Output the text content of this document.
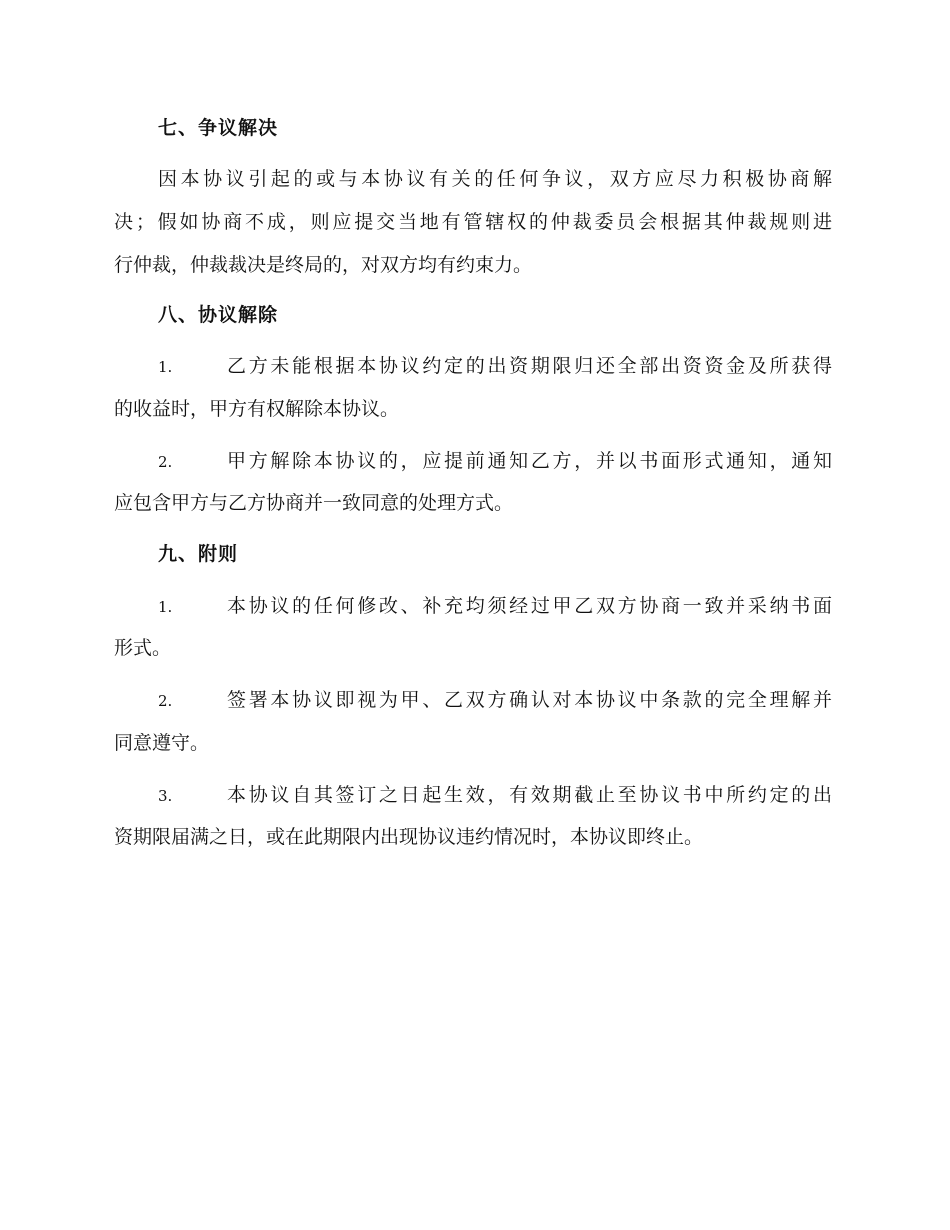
七、争议解决
因本协议引起的或与本协议有关的任何争议，双方应尽力积极协商解
决；假如协商不成，则应提交当地有管辖权的仲裁委员会根据其仲裁规则进
行仲裁，仲裁裁决是终局的，对双方均有约束力。
八、协议解除
1.	乙方未能根据本协议约定的出资期限归还全部出资资金及所获得
的收益时，甲方有权解除本协议。
2.	甲方解除本协议的，应提前通知乙方，并以书面形式通知，通知
应包含甲方与乙方协商并一致同意的处理方式。
九、附则
1.	本协议的任何修改、补充均须经过甲乙双方协商一致并采纳书面
形式。
2.	签署本协议即视为甲、乙双方确认对本协议中条款的完全理解并
同意遵守。
3.	本协议自其签订之日起生效，有效期截止至协议书中所约定的出
资期限届满之日，或在此期限内出现协议违约情况时，本协议即终止。
